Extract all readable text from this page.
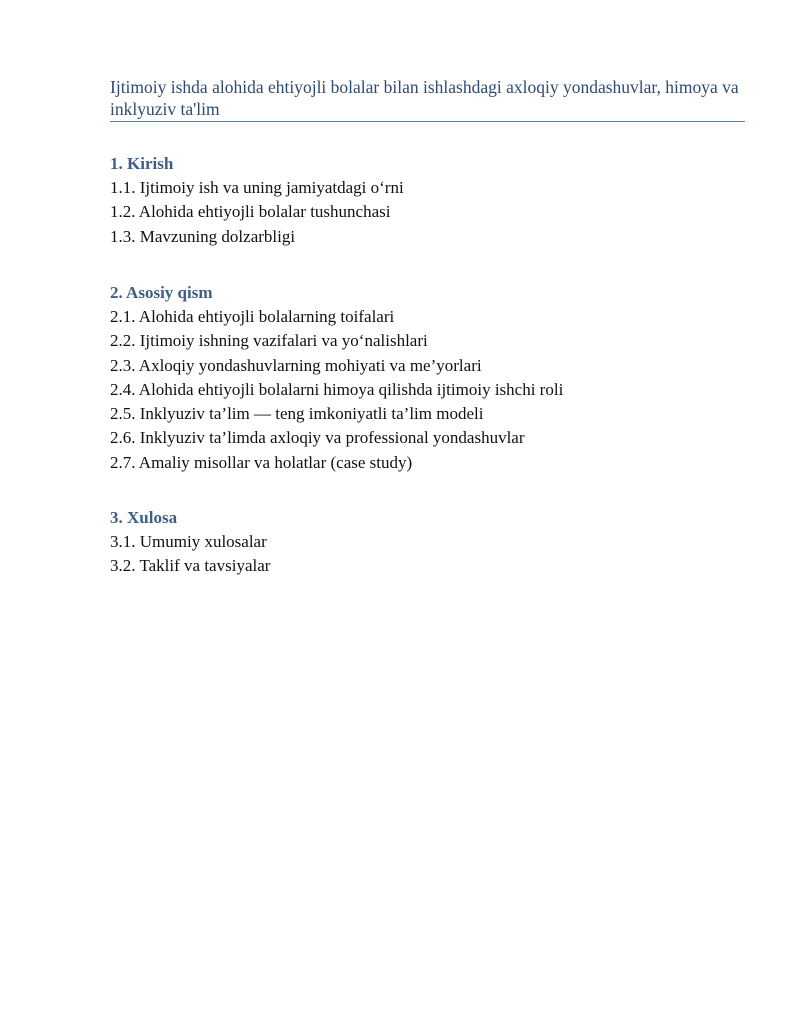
Ijtimoiy ishda alohida ehtiyojli bolalar bilan ishlashdagi axloqiy yondashuvlar, himoya va inklyuziv ta'lim

1. Kirish

1.1. Ijtimoiy ish va uning jamiyatdagi o‘rni

1.2. Alohida ehtiyojli bolalar tushunchasi

1.3. Mavzuning dolzarbligi

2. Asosiy qism

2.1. Alohida ehtiyojli bolalarning toifalari

2.2. Ijtimoiy ishning vazifalari va yo‘nalishlari

2.3. Axloqiy yondashuvlarning mohiyati va me’yorlari

2.4. Alohida ehtiyojli bolalarni himoya qilishda ijtimoiy ishchi roli

2.5. Inklyuziv ta’lim — teng imkoniyatli ta’lim modeli

2.6. Inklyuziv ta’limda axloqiy va professional yondashuvlar

2.7. Amaliy misollar va holatlar (case study)

3. Xulosa

3.1. Umumiy xulosalar

3.2. Taklif va tavsiyalar
